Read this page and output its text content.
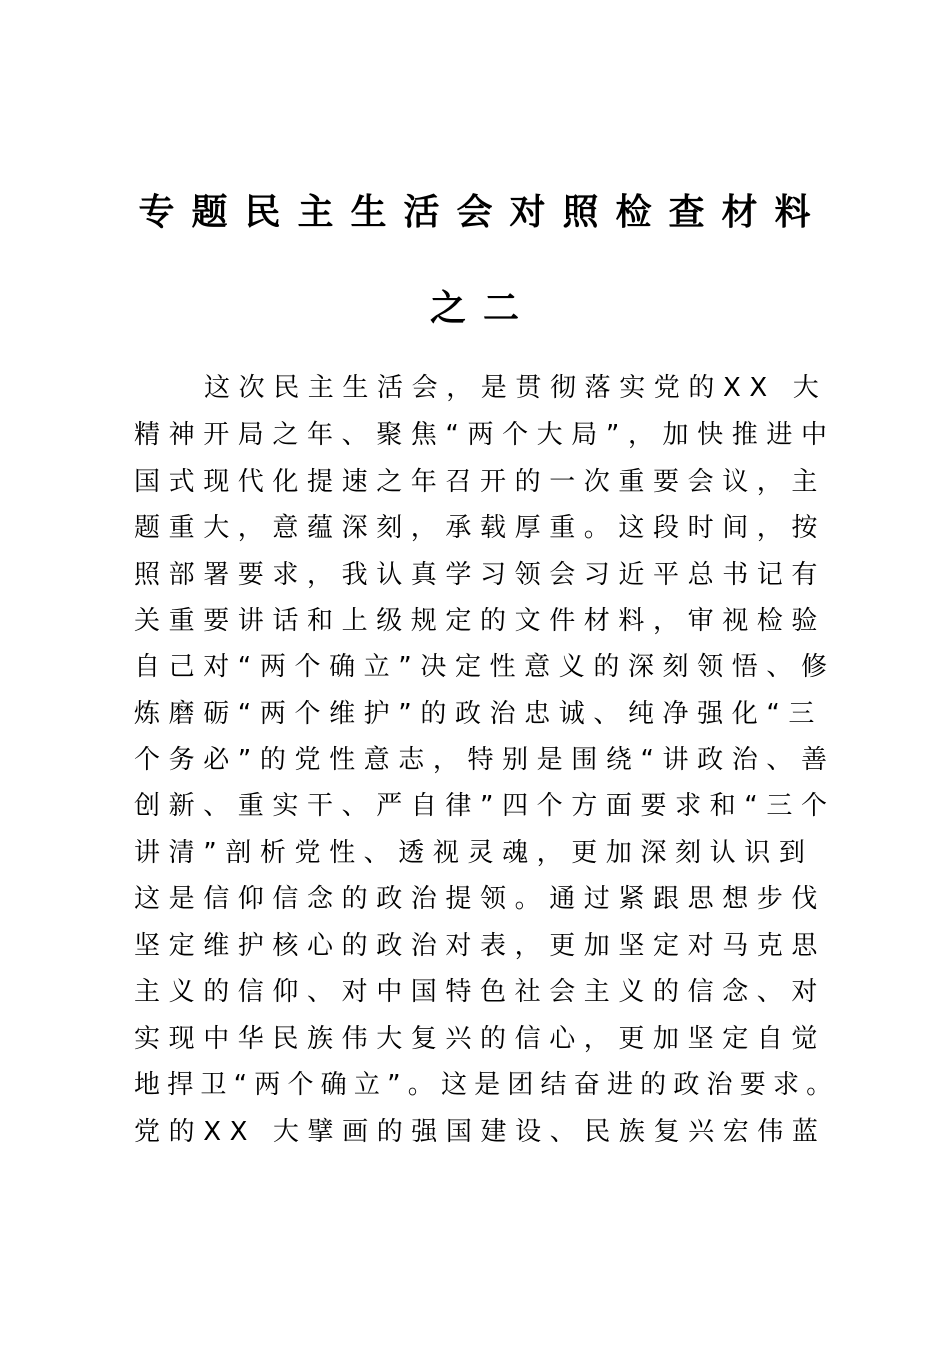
专题民主生活会对照检查材料
之二
这次民主生活会，是贯彻落实党的XX 大
精神开局之年、聚焦“两个大局”，加快推进中
国式现代化提速之年召开的一次重要会议，主
题重大，意蕴深刻，承载厚重。这段时间，按
照部署要求，我认真学习领会习近平总书记有
关重要讲话和上级规定的文件材料，审视检验
自己对“两个确立”决定性意义的深刻领悟、修
炼磨砺“两个维护”的政治忠诚、纯净强化“三
个务必”的党性意志，特别是围绕“讲政治、善
创新、重实干、严自律”四个方面要求和“三个
讲清”剖析党性、透视灵魂，更加深刻认识到
这是信仰信念的政治提领。通过紧跟思想步伐
坚定维护核心的政治对表，更加坚定对马克思
主义的信仰、对中国特色社会主义的信念、对
实现中华民族伟大复兴的信心，更加坚定自觉
地捍卫“两个确立”。这是团结奋进的政治要求。
党的XX 大擘画的强国建设、民族复兴宏伟蓝
